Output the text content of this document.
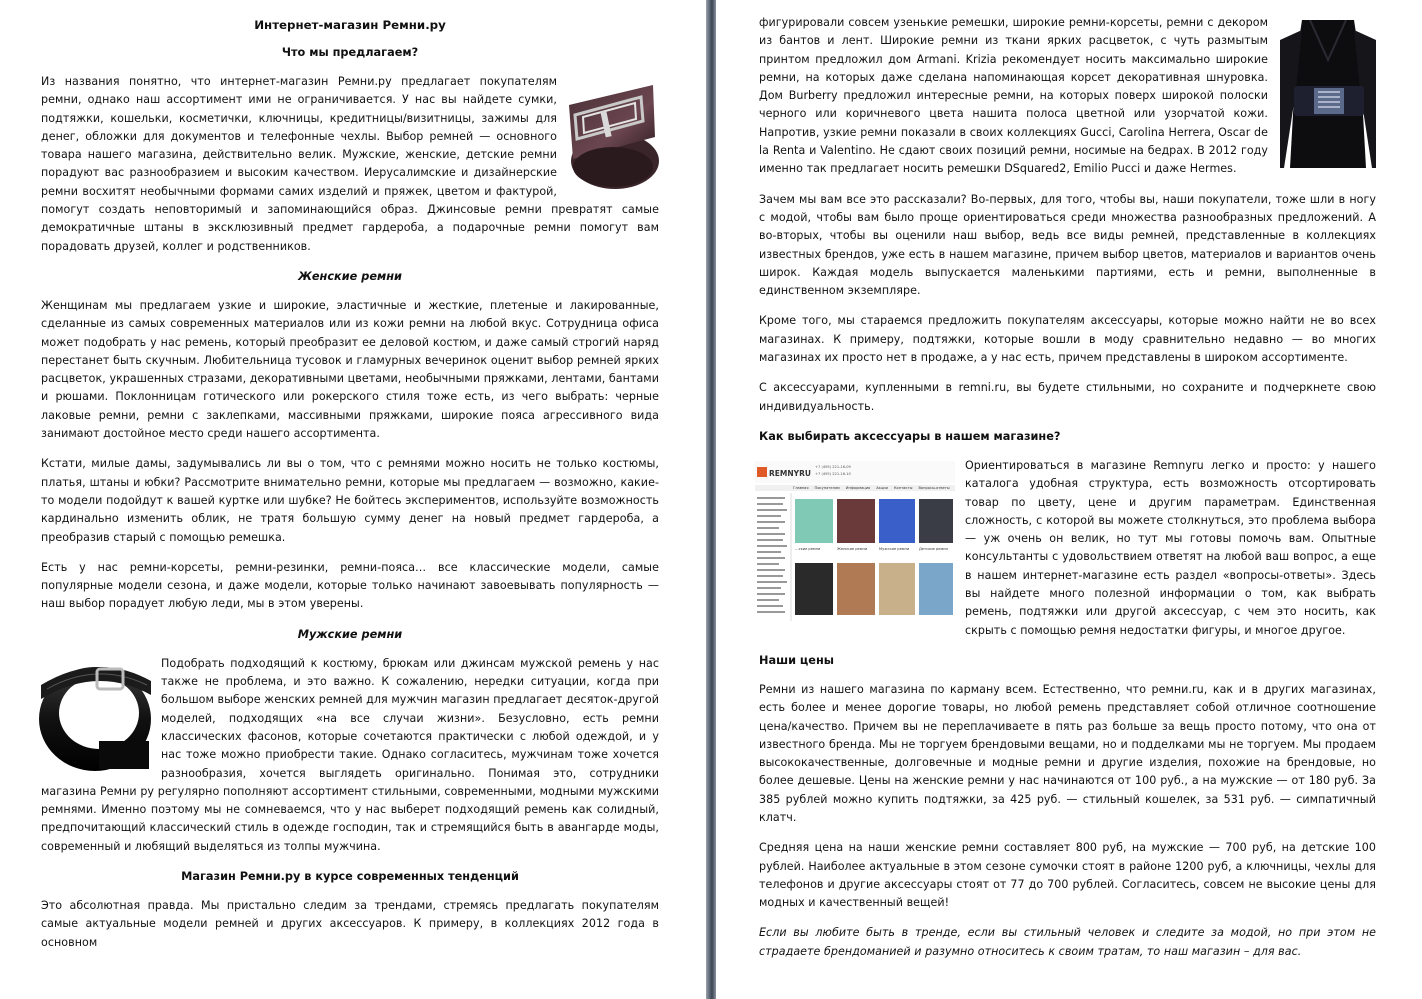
Интернет-магазин Ремни.ру
Что мы предлагаем?

Из названия понятно, что интернет-магазин Ремни.ру предлагает покупателям ремни, однако наш ассортимент ими не ограничивается. У нас вы найдете сумки, подтяжки, кошельки, косметички, ключницы, кредитницы/визитницы, зажимы для денег, обложки для документов и телефонные чехлы. Выбор ремней — основного товара нашего магазина, действительно велик. Мужские, женские, детские ремни порадуют вас разнообразием и высоким качеством. Иерусалимские и дизайнерские ремни восхитят необычными формами самих изделий и пряжек, цветом и фактурой, помогут создать неповторимый и запоминающийся образ. Джинсовые ремни превратят самые демократичные штаны в эксклюзивный предмет гардероба, а подарочные ремни помогут вам порадовать друзей, коллег и родственников.

Женские ремни

Женщинам мы предлагаем узкие и широкие, эластичные и жесткие, плетеные и лакированные, сделанные из самых современных материалов или из кожи ремни на любой вкус. Сотрудница офиса может подобрать у нас ремень, который преобразит ее деловой костюм, и даже самый строгий наряд перестанет быть скучным. Любительница тусовок и гламурных вечеринок оценит выбор ремней ярких расцветок, украшенных стразами, декоративными цветами, необычными пряжками, лентами, бантами и рюшами. Поклонницам готического или рокерского стиля тоже есть, из чего выбрать: черные лаковые ремни, ремни с заклепками, массивными пряжками, широкие пояса агрессивного вида занимают достойное место среди нашего ассортимента.

Кстати, милые дамы, задумывались ли вы о том, что с ремнями можно носить не только костюмы, платья, штаны и юбки? Рассмотрите внимательно ремни, которые мы предлагаем — возможно, какие-то модели подойдут к вашей куртке или шубке? Не бойтесь экспериментов, используйте возможность кардинально изменить облик, не тратя большую сумму денег на новый предмет гардероба, а преобразив старый с помощью ремешка.

Есть у нас ремни-корсеты, ремни-резинки, ремни-пояса… все классические модели, самые популярные модели сезона, и даже модели, которые только начинают завоевывать популярность — наш выбор порадует любую леди, мы в этом уверены.

Мужские ремни

Подобрать подходящий к костюму, брюкам или джинсам мужской ремень у нас также не проблема, и это важно. К сожалению, нередки ситуации, когда при большом выборе женских ремней для мужчин магазин предлагает десяток-другой моделей, подходящих «на все случаи жизни». Безусловно, есть ремни классических фасонов, которые сочетаются практически с любой одеждой, и у нас тоже можно приобрести такие. Однако согласитесь, мужчинам тоже хочется разнообразия, хочется выглядеть оригинально. Понимая это, сотрудники магазина Ремни ру регулярно пополняют ассортимент стильными, современными, модными мужскими ремнями. Именно поэтому мы не сомневаемся, что у нас выберет подходящий ремень как солидный, предпочитающий классический стиль в одежде господин, так и стремящийся быть в авангарде моды, современный и любящий выделяться из толпы мужчина.

Магазин Ремни.ру в курсе современных тенденций

Это абсолютная правда. Мы пристально следим за трендами, стремясь предлагать покупателям самые актуальные модели ремней и других аксессуаров. К примеру, в коллекциях 2012 года в основном

фигурировали совсем узенькие ремешки, широкие ремни-корсеты, ремни с декором из бантов и лент. Широкие ремни из ткани ярких расцветок, с чуть размытым принтом предложил дом Armani. Krizia рекомендует носить максимально широкие ремни, на которых даже сделана напоминающая корсет декоративная шнуровка. Дом Burberry предложил интересные ремни, на которых поверх широкой полоски черного или коричневого цвета нашита полоса цветной или узорчатой кожи. Напротив, узкие ремни показали в своих коллекциях Gucci, Carolina Herrera, Oscar de la Renta и Valentino. Не сдают своих позиций ремни, носимые на бедрах. В 2012 году именно так предлагает носить ремешки DSquared2, Emilio Pucci и даже Hermes.

Зачем мы вам все это рассказали? Во-первых, для того, чтобы вы, наши покупатели, тоже шли в ногу с модой, чтобы вам было проще ориентироваться среди множества разнообразных предложений. А во-вторых, чтобы вы оценили наш выбор, ведь все виды ремней, представленные в коллекциях известных брендов, уже есть в нашем магазине, причем выбор цветов, материалов и вариантов очень широк. Каждая модель выпускается маленькими партиями, есть и ремни, выполненные в единственном экземпляре.

Кроме того, мы стараемся предложить покупателям аксессуары, которые можно найти не во всех магазинах. К примеру, подтяжки, которые вошли в моду сравнительно недавно — во многих магазинах их просто нет в продаже, а у нас есть, причем представлены в широком ассортименте.

С аксессуарами, купленными в remni.ru, вы будете стильными, но сохраните и подчеркнете свою индивидуальность.

Как выбирать аксессуары в нашем магазине?
REMNYRU
+7 (495) 221-16-09
+7 (495) 221-16-10
Главная Покупателям Информация Акции Контакты Вопросы-ответы
…ские ремни	Женские ремни	Мужские ремни	Детские ремни

Ориентироваться в магазине Remnyru легко и просто: у нашего каталога удобная структура, есть возможность отсортировать товар по цвету, цене и другим параметрам. Единственная сложность, с которой вы можете столкнуться, это проблема выбора — уж очень он велик, но тут мы готовы помочь вам. Опытные консультанты с удовольствием ответят на любой ваш вопрос, а еще в нашем интернет-магазине есть раздел «вопросы-ответы». Здесь вы найдете много полезной информации о том, как выбрать ремень, подтяжки или другой аксессуар, с чем это носить, как скрыть с помощью ремня недостатки фигуры, и многое другое.

Наши цены

Ремни из нашего магазина по карману всем. Естественно, что ремни.ru, как и в других магазинах, есть более и менее дорогие товары, но любой ремень представляет собой отличное соотношение цена/качество. Причем вы не переплачиваете в пять раз больше за вещь просто потому, что она от известного бренда. Мы не торгуем брендовыми вещами, но и подделками мы не торгуем. Мы продаем высококачественные, долговечные и модные ремни и другие изделия, похожие на брендовые, но более дешевые. Цены на женские ремни у нас начинаются от 100 руб., а на мужские — от 180 руб. За 385 рублей можно купить подтяжки, за 425 руб. — стильный кошелек, за 531 руб. — симпатичный клатч.

Средняя цена на наши женские ремни составляет 800 руб, на мужские — 700 руб, на детские 100 рублей. Наиболее актуальные в этом сезоне сумочки стоят в районе 1200 руб, а ключницы, чехлы для телефонов и другие аксессуары стоят от 77 до 700 рублей. Согласитесь, совсем не высокие цены для модных и качественный вещей!

Если вы любите быть в тренде, если вы стильный человек и следите за модой, но при этом не страдаете брендоманией и разумно относитесь к своим тратам, то наш магазин – для вас.
